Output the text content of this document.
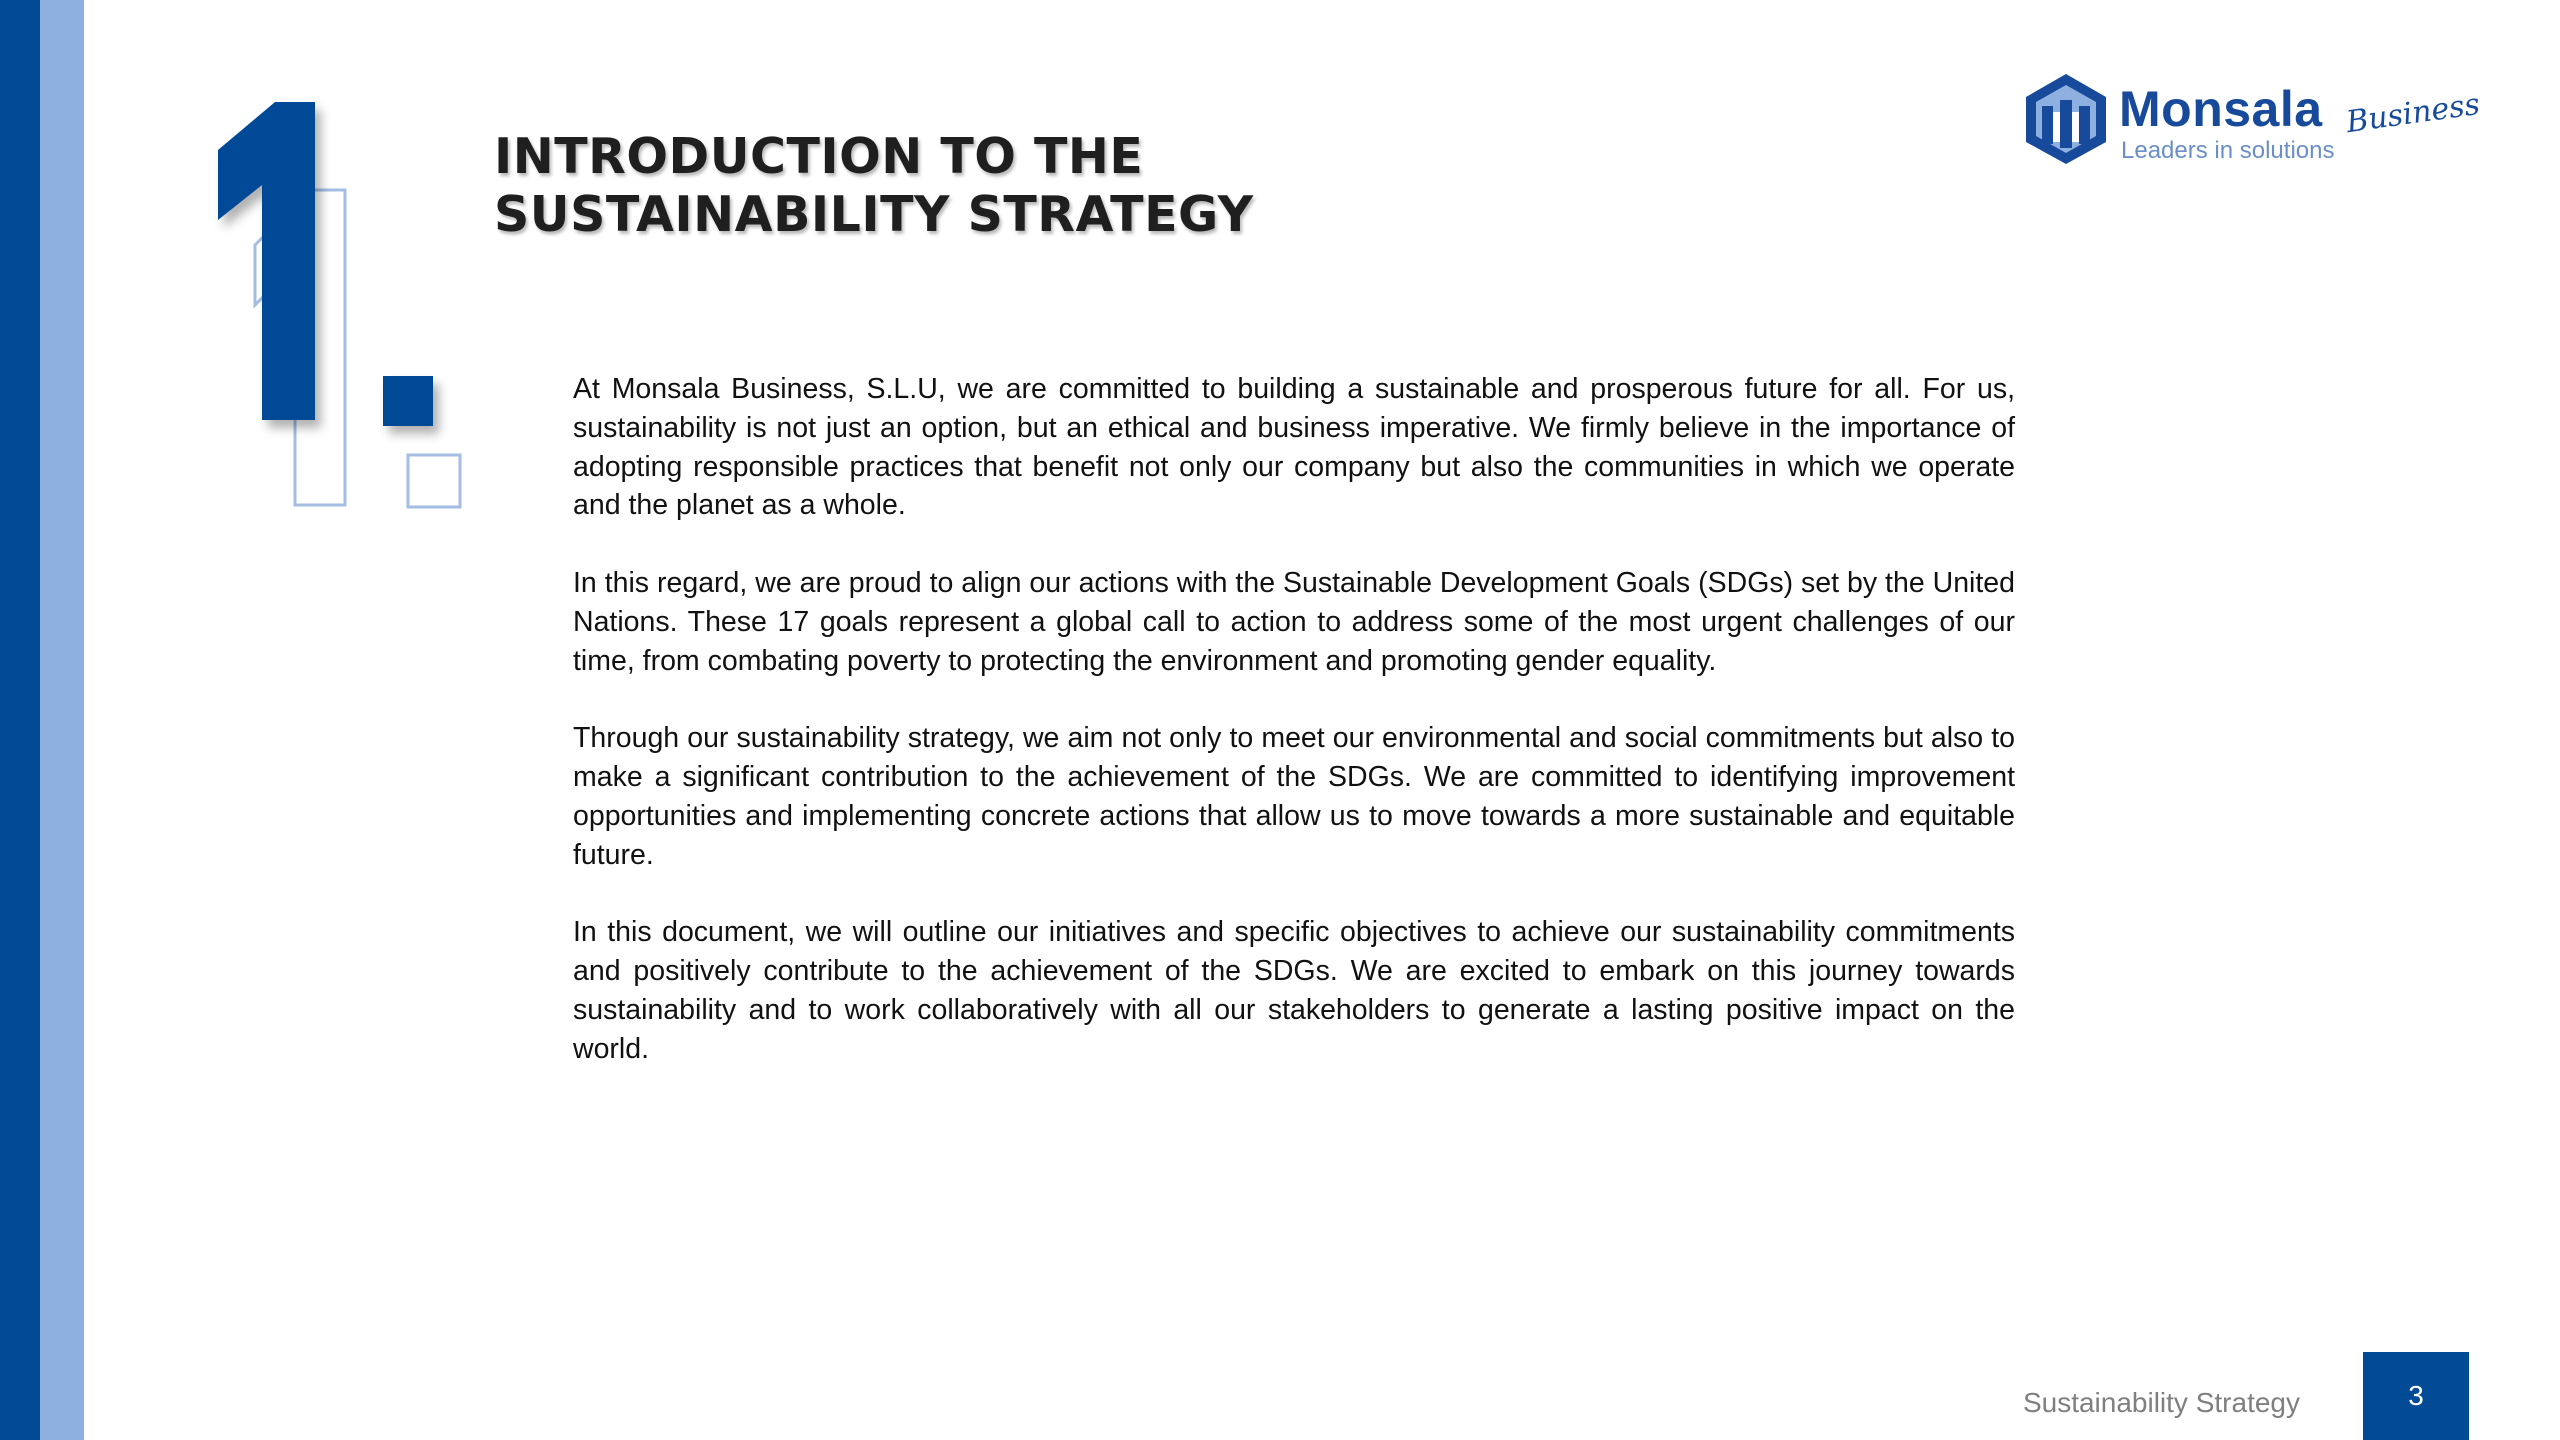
INTRODUCTION TO THE
SUSTAINABILITY STRATEGY
Monsala Business
Leaders in solutions

At Monsala Business, S.L.U, we are committed to building a sustainable and prosperous future for all. For us, sustainability is not just an option, but an ethical and business imperative. We firmly believe in the importance of adopting responsible practices that benefit not only our company but also the communities in which we operate and the planet as a whole.

In this regard, we are proud to align our actions with the Sustainable Development Goals (SDGs) set by the United Nations. These 17 goals represent a global call to action to address some of the most urgent challenges of our time, from combating poverty to protecting the environment and promoting gender equality.

Through our sustainability strategy, we aim not only to meet our environmental and social commitments but also to make a significant contribution to the achievement of the SDGs. We are committed to identifying improvement opportunities and implementing concrete actions that allow us to move towards a more sustainable and equitable future.

In this document, we will outline our initiatives and specific objectives to achieve our sustainability commitments and positively contribute to the achievement of the SDGs. We are excited to embark on this journey towards sustainability and to work collaboratively with all our stakeholders to generate a lasting positive impact on the world.

Sustainability Strategy	3
